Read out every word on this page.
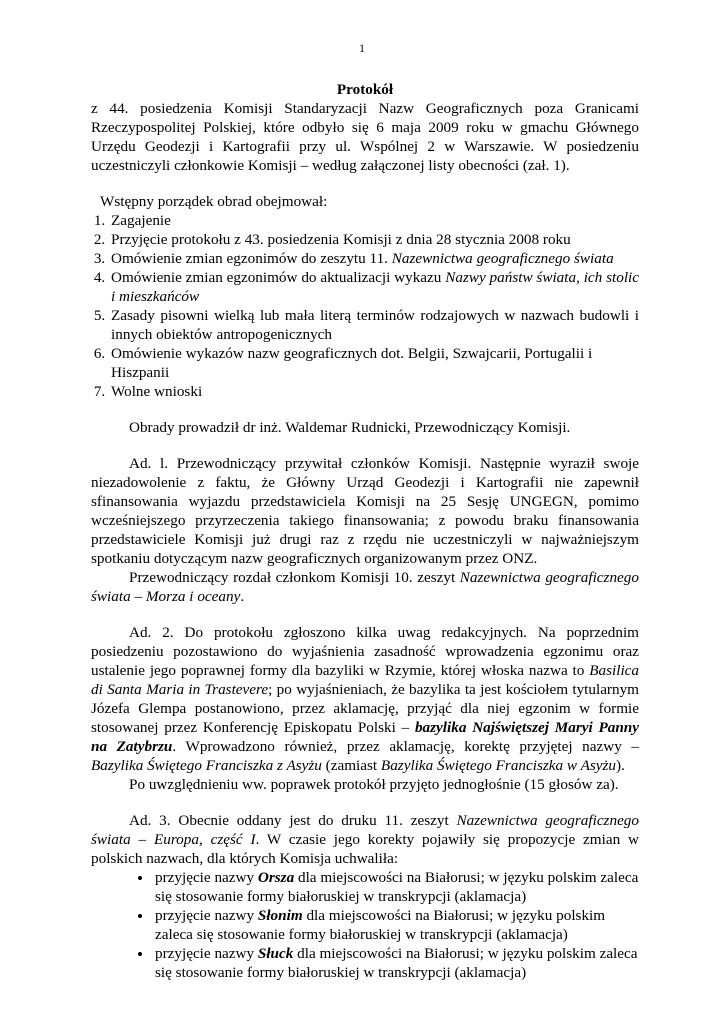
1

Protokół

z 44. posiedzenia Komisji Standaryzacji Nazw Geograficznych poza Granicami Rzeczypospolitej Polskiej, które odbyło się 6 maja 2009 roku w gmachu Głównego Urzędu Geodezji i Kartografii przy ul. Wspólnej 2 w Warszawie. W posiedzeniu uczestniczyli członkowie Komisji – według załączonej listy obecności (zał. 1).

Wstępny porządek obrad obejmował:

1. Zagajenie
2. Przyjęcie protokołu z 43. posiedzenia Komisji z dnia 28 stycznia 2008 roku
3. Omówienie zmian egzonimów do zeszytu 11. Nazewnictwa geograficznego świata
4. Omówienie zmian egzonimów do aktualizacji wykazu Nazwy państw świata, ich stolic i mieszkańców
5. Zasady pisowni wielką lub mała literą terminów rodzajowych w nazwach budowli i innych obiektów antropogenicznych
6. Omówienie wykazów nazw geograficznych dot. Belgii, Szwajcarii, Portugalii i Hiszpanii
7. Wolne wnioski

Obrady prowadził dr inż. Waldemar Rudnicki, Przewodniczący Komisji.

Ad. l. Przewodniczący przywitał członków Komisji. Następnie wyraził swoje niezadowolenie z faktu, że Główny Urząd Geodezji i Kartografii nie zapewnił sfinansowania wyjazdu przedstawiciela Komisji na 25 Sesję UNGEGN, pomimo wcześniejszego przyrzeczenia takiego finansowania; z powodu braku finansowania przedstawiciele Komisji już drugi raz z rzędu nie uczestniczyli w najważniejszym spotkaniu dotyczącym nazw geograficznych organizowanym przez ONZ.

Przewodniczący rozdał członkom Komisji 10. zeszyt Nazewnictwa geograficznego świata – Morza i oceany.

Ad. 2. Do protokołu zgłoszono kilka uwag redakcyjnych. Na poprzednim posiedzeniu pozostawiono do wyjaśnienia zasadność wprowadzenia egzonimu oraz ustalenie jego poprawnej formy dla bazyliki w Rzymie, której włoska nazwa to Basilica di Santa Maria in Trastevere; po wyjaśnieniach, że bazylika ta jest kościołem tytularnym Józefa Glempa postanowiono, przez aklamację, przyjąć dla niej egzonim w formie stosowanej przez Konferencję Episkopatu Polski – bazylika Najświętszej Maryi Panny na Zatybrzu. Wprowadzono również, przez aklamację, korektę przyjętej nazwy – Bazylika Świętego Franciszka z Asyżu (zamiast Bazylika Świętego Franciszka w Asyżu).

Po uwzględnieniu ww. poprawek protokół przyjęto jednogłośnie (15 głosów za).

Ad. 3. Obecnie oddany jest do druku 11. zeszyt Nazewnictwa geograficznego świata – Europa, część I. W czasie jego korekty pojawiły się propozycje zmian w polskich nazwach, dla których Komisja uchwaliła:

• przyjęcie nazwy Orsza dla miejscowości na Białorusi; w języku polskim zaleca się stosowanie formy białoruskiej w transkrypcji (aklamacja)
• przyjęcie nazwy Słonim dla miejscowości na Białorusi; w języku polskim zaleca się stosowanie formy białoruskiej w transkrypcji (aklamacja)
• przyjęcie nazwy Słuck dla miejscowości na Białorusi; w języku polskim zaleca się stosowanie formy białoruskiej w transkrypcji (aklamacja)
